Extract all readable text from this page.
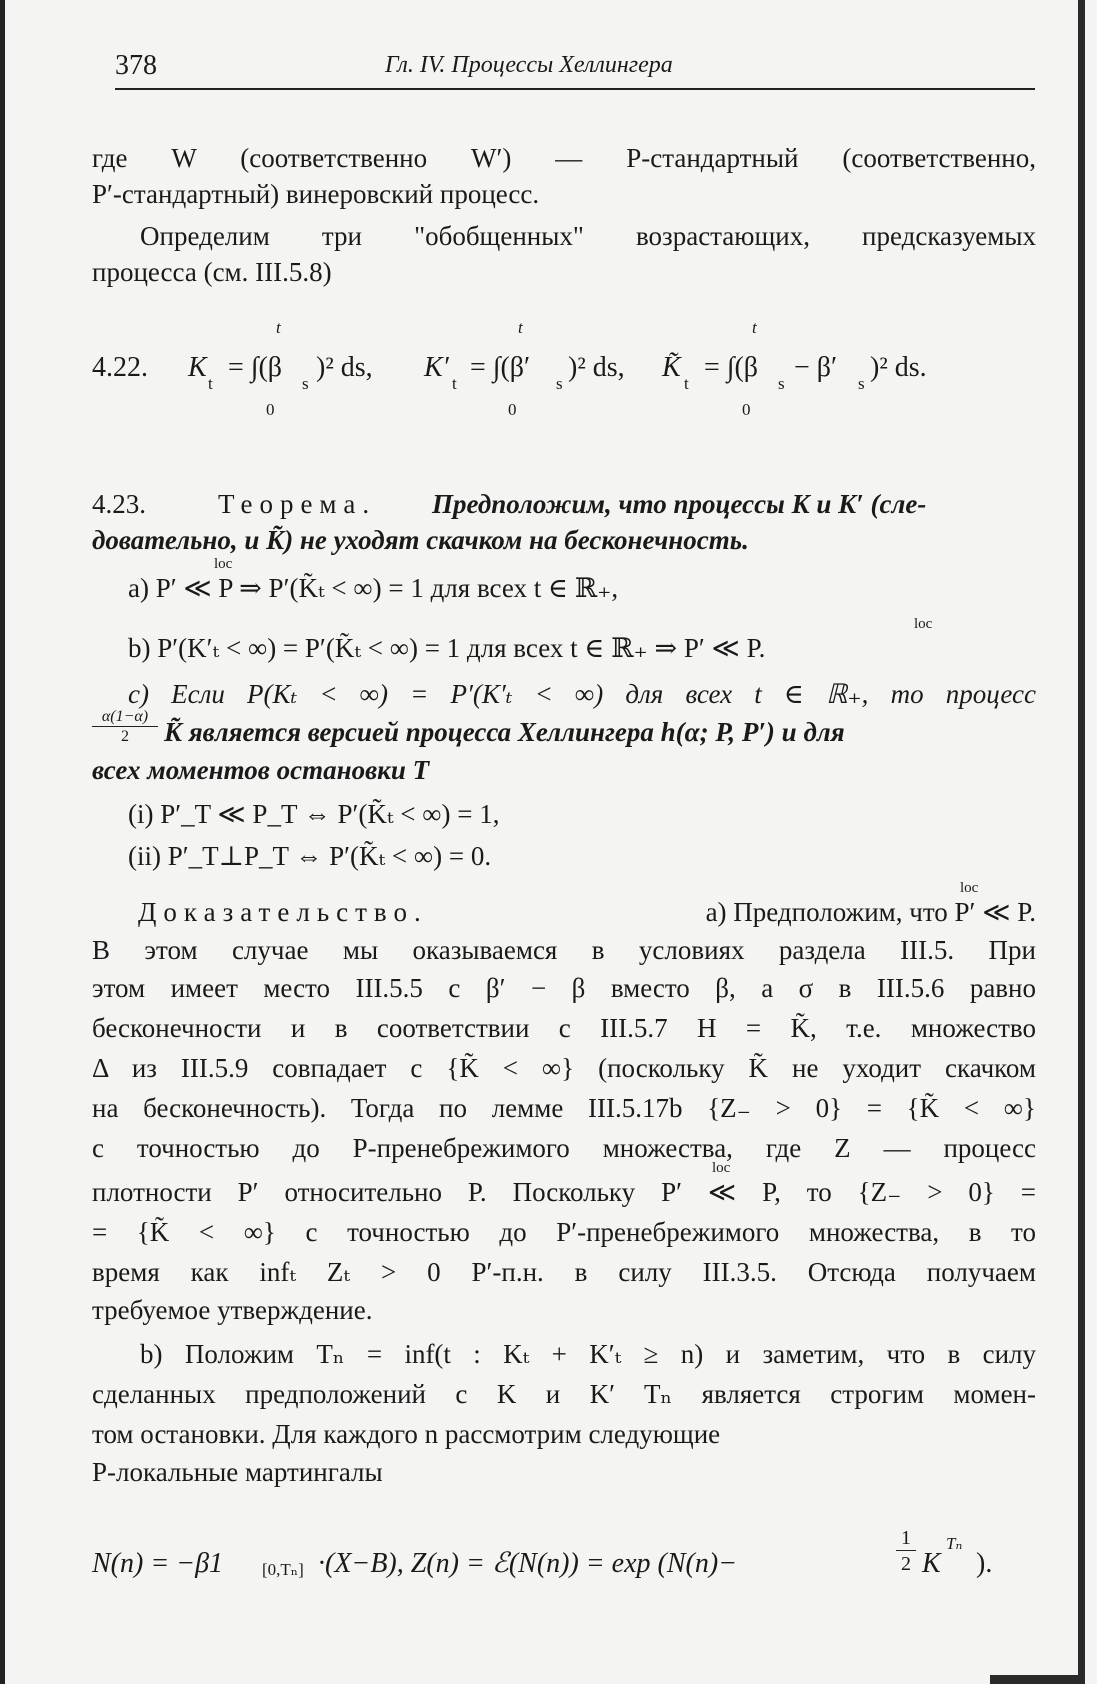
378	Гл. IV. Процессы Хеллингера
где W (соответственно W′) — P-стандартный (соответственно,
P′-стандартный) винеровский процесс.
Определим три "обобщенных" возрастающих, предсказуемых
процесса (см. III.5.8)
4.22. K
t
= ∫(β
s
)² ds,
t
0
K′
t
= ∫(β′
s
)² ds,
t
0
K̃
t
= ∫(β
s
− β′
s
)² ds.
t
0
4.23.	Теорема. Предположим, что процессы K и K′ (сле-
довательно, и K̃) не уходят скачком на бесконечность.
loc
a) P′ ≪ P ⇒ P′(K̃ₜ < ∞) = 1 для всех t ∈ ℝ₊,
loc
b) P′(K′ₜ < ∞) = P′(K̃ₜ < ∞) = 1 для всех t ∈ ℝ₊ ⇒ P′ ≪ P.
c) Если P(Kₜ < ∞) = P′(K′ₜ < ∞) для всех t ∈ ℝ₊, то процесс
α(1−α)
2	K̃ является версией процесса Хеллингера h(α; P, P′) и для
всех моментов остановки T
(i) P′_T ≪ P_T ⇔ P′(K̃ₜ < ∞) = 1,
(ii) P′_T⊥P_T ⇔ P′(K̃ₜ < ∞) = 0.
Доказательство.
loc
a) Предположим, что P′ ≪ P.
В этом случае мы оказываемся в условиях раздела III.5. При
этом имеет место III.5.5 с β′ − β вместо β, а σ в III.5.6 равно
бесконечности и в соответствии с III.5.7 H = K̃, т.е. множество
Δ из III.5.9 совпадает с {K̃ < ∞} (поскольку K̃ не уходит скачком
на бесконечность). Тогда по лемме III.5.17b {Z₋ > 0} = {K̃ < ∞}
с точностью до P-пренебрежимого множества, где Z — процесс
loc
плотности P′ относительно P. Поскольку P′ ≪ P, то {Z₋ > 0} =
= {K̃ < ∞} с точностью до P′-пренебрежимого множества, в то
время как infₜ Zₜ > 0 P′-п.н. в силу III.3.5. Отсюда получаем
требуемое утверждение.
b) Положим Tₙ = inf(t : Kₜ + K′ₜ ≥ n) и заметим, что в силу
сделанных предположений с K и K′ Tₙ является строгим момен-
том остановки. Для каждого n рассмотрим следующие
P-локальные мартингалы
N(n) = −β1 [0,Tₙ] ·(X−B), Z(n) = ℰ(N(n)) = exp (N(n)−
1
2 K
Tₙ
).
